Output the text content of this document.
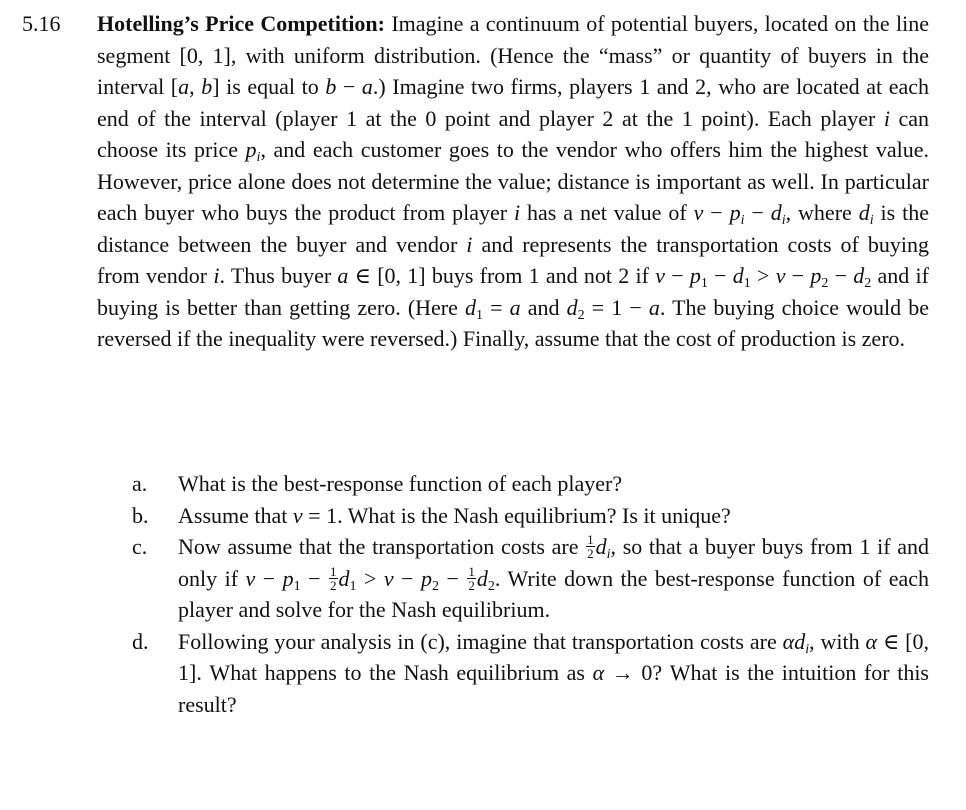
5.16 Hotelling’s Price Competition: Imagine a continuum of potential buyers, located on the line segment [0, 1], with uniform distribution. (Hence the “mass” or quantity of buyers in the interval [a, b] is equal to b − a.) Imagine two firms, players 1 and 2, who are located at each end of the interval (player 1 at the 0 point and player 2 at the 1 point). Each player i can choose its price $p_i$, and each customer goes to the vendor who offers him the highest value. However, price alone does not determine the value; distance is important as well. In particular each buyer who buys the product from player i has a net value of $v - p_i - d_i$, where $d_i$ is the distance between the buyer and vendor i and represents the transportation costs of buying from vendor i. Thus buyer a ∈ [0, 1] buys from 1 and not 2 if $v - p_1 - d_1 > v - p_2 - d_2$ and if buying is better than getting zero. (Here $d_1 = a$ and $d_2 = 1 - a$. The buying choice would be reversed if the inequality were reversed.) Finally, assume that the cost of production is zero.
a.	What is the best-response function of each player?
b.	Assume that v = 1. What is the Nash equilibrium? Is it unique?
c.	Now assume that the transportation costs are $\frac{1}{2} d_i$, so that a buyer buys from 1 if and only if $v - p_1 - \frac{1}{2} d_1 > v - p_2 - \frac{1}{2} d_2$. Write down the best-response function of each player and solve for the Nash equilibrium.
d.	Following your analysis in (c), imagine that transportation costs are $\alpha d_i$, with α ∈ [0, 1]. What happens to the Nash equilibrium as α → 0? What is the intuition for this result?
